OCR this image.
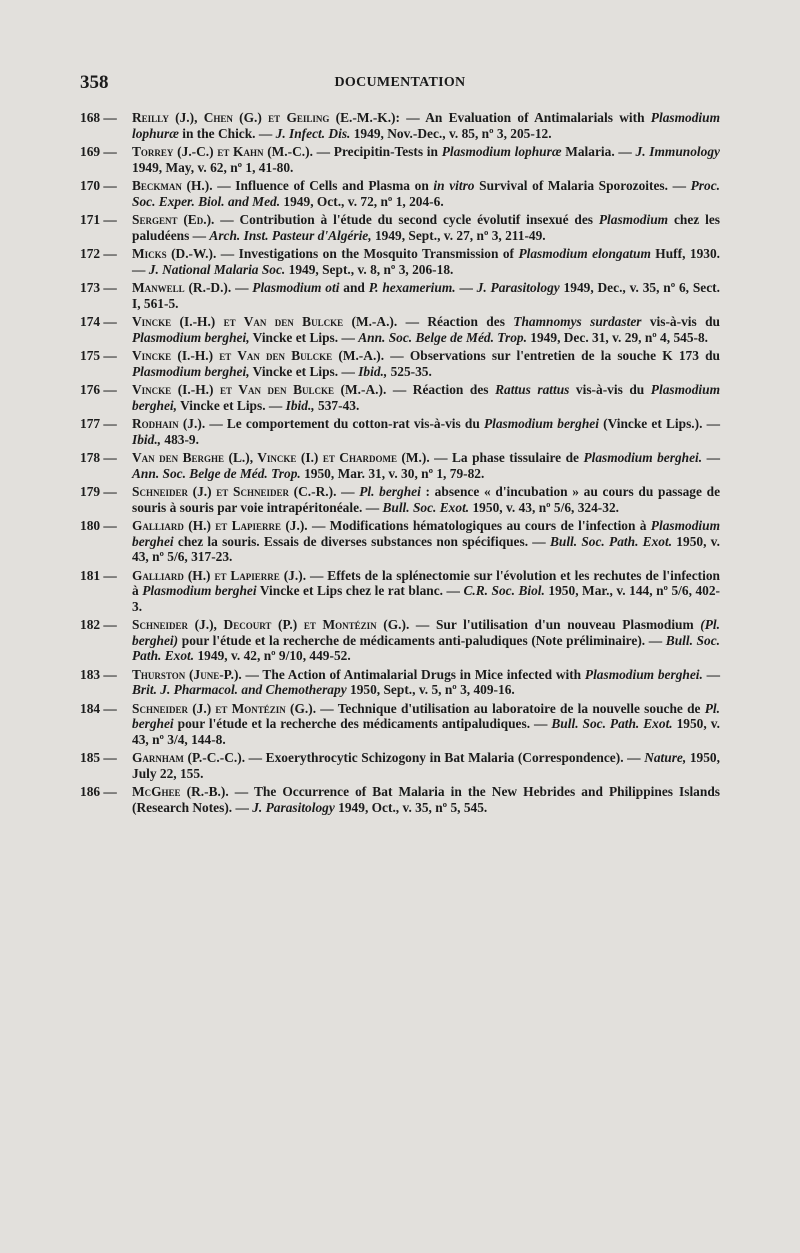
358	DOCUMENTATION
168 —	Reilly (J.), Chen (G.) et Geiling (E.-M.-K.): — An Evaluation of Antimalarials with Plasmodium lophuræ in the Chick. — J. Infect. Dis. 1949, Nov.-Dec., v. 85, nº 3, 205-12.
169 —	Torrey (J.-C.) et Kahn (M.-C.). — Precipitin-Tests in Plasmodium lophuræ Malaria. — J. Immunology 1949, May, v. 62, nº 1, 41-80.
170 —	Beckman (H.). — Influence of Cells and Plasma on in vitro Survival of Malaria Sporozoites. — Proc. Soc. Exper. Biol. and Med. 1949, Oct., v. 72, nº 1, 204-6.
171 —	Sergent (Ed.). — Contribution à l'étude du second cycle évolutif insexué des Plasmodium chez les paludéens — Arch. Inst. Pasteur d'Algérie, 1949, Sept., v. 27, nº 3, 211-49.
172 —	Micks (D.-W.). — Investigations on the Mosquito Transmission of Plasmodium elongatum Huff, 1930. — J. National Malaria Soc. 1949, Sept., v. 8, nº 3, 206-18.
173 —	Manwell (R.-D.). — Plasmodium oti and P. hexamerium. — J. Parasitology 1949, Dec., v. 35, nº 6, Sect. I, 561-5.
174 —	Vincke (I.-H.) et Van den Bulcke (M.-A.). — Réaction des Thamnomys surdaster vis-à-vis du Plasmodium berghei, Vincke et Lips. — Ann. Soc. Belge de Méd. Trop. 1949, Dec. 31, v. 29, nº 4, 545-8.
175 —	Vincke (I.-H.) et Van den Bulcke (M.-A.). — Observations sur l'entretien de la souche K 173 du Plasmodium berghei, Vincke et Lips. — Ibid., 525-35.
176 —	Vincke (I.-H.) et Van den Bulcke (M.-A.). — Réaction des Rattus rattus vis-à-vis du Plasmodium berghei, Vincke et Lips. — Ibid., 537-43.
177 —	Rodhain (J.). — Le comportement du cotton-rat vis-à-vis du Plasmodium berghei (Vincke et Lips.). — Ibid., 483-9.
178 —	Van den Berghe (L.), Vincke (I.) et Chardome (M.). — La phase tissulaire de Plasmodium berghei. — Ann. Soc. Belge de Méd. Trop. 1950, Mar. 31, v. 30, nº 1, 79-82.
179 —	Schneider (J.) et Schneider (C.-R.). — Pl. berghei : absence « d'incubation » au cours du passage de souris à souris par voie intrapéritonéale. — Bull. Soc. Exot. 1950, v. 43, nº 5/6, 324-32.
180 —	Galliard (H.) et Lapierre (J.). — Modifications hématologiques au cours de l'infection à Plasmodium berghei chez la souris. Essais de diverses substances non spécifiques. — Bull. Soc. Path. Exot. 1950, v. 43, nº 5/6, 317-23.
181 —	Galliard (H.) et Lapierre (J.). — Effets de la splénectomie sur l'évolution et les rechutes de l'infection à Plasmodium berghei Vincke et Lips chez le rat blanc. — C.R. Soc. Biol. 1950, Mar., v. 144, nº 5/6, 402-3.
182 —	Schneider (J.), Decourt (P.) et Montézin (G.). — Sur l'utilisation d'un nouveau Plasmodium (Pl. berghei) pour l'étude et la recherche de médicaments anti-paludiques (Note préliminaire). — Bull. Soc. Path. Exot. 1949, v. 42, nº 9/10, 449-52.
183 —	Thurston (June-P.). — The Action of Antimalarial Drugs in Mice infected with Plasmodium berghei. — Brit. J. Pharmacol. and Chemotherapy 1950, Sept., v. 5, nº 3, 409-16.
184 —	Schneider (J.) et Montézin (G.). — Technique d'utilisation au laboratoire de la nouvelle souche de Pl. berghei pour l'étude et la recherche des médicaments antipaludiques. — Bull. Soc. Path. Exot. 1950, v. 43, nº 3/4, 144-8.
185 —	Garnham (P.-C.-C.). — Exoerythrocytic Schizogony in Bat Malaria (Correspondence). — Nature, 1950, July 22, 155.
186 —	McGhee (R.-B.). — The Occurrence of Bat Malaria in the New Hebrides and Philippines Islands (Research Notes). — J. Parasitology 1949, Oct., v. 35, nº 5, 545.
